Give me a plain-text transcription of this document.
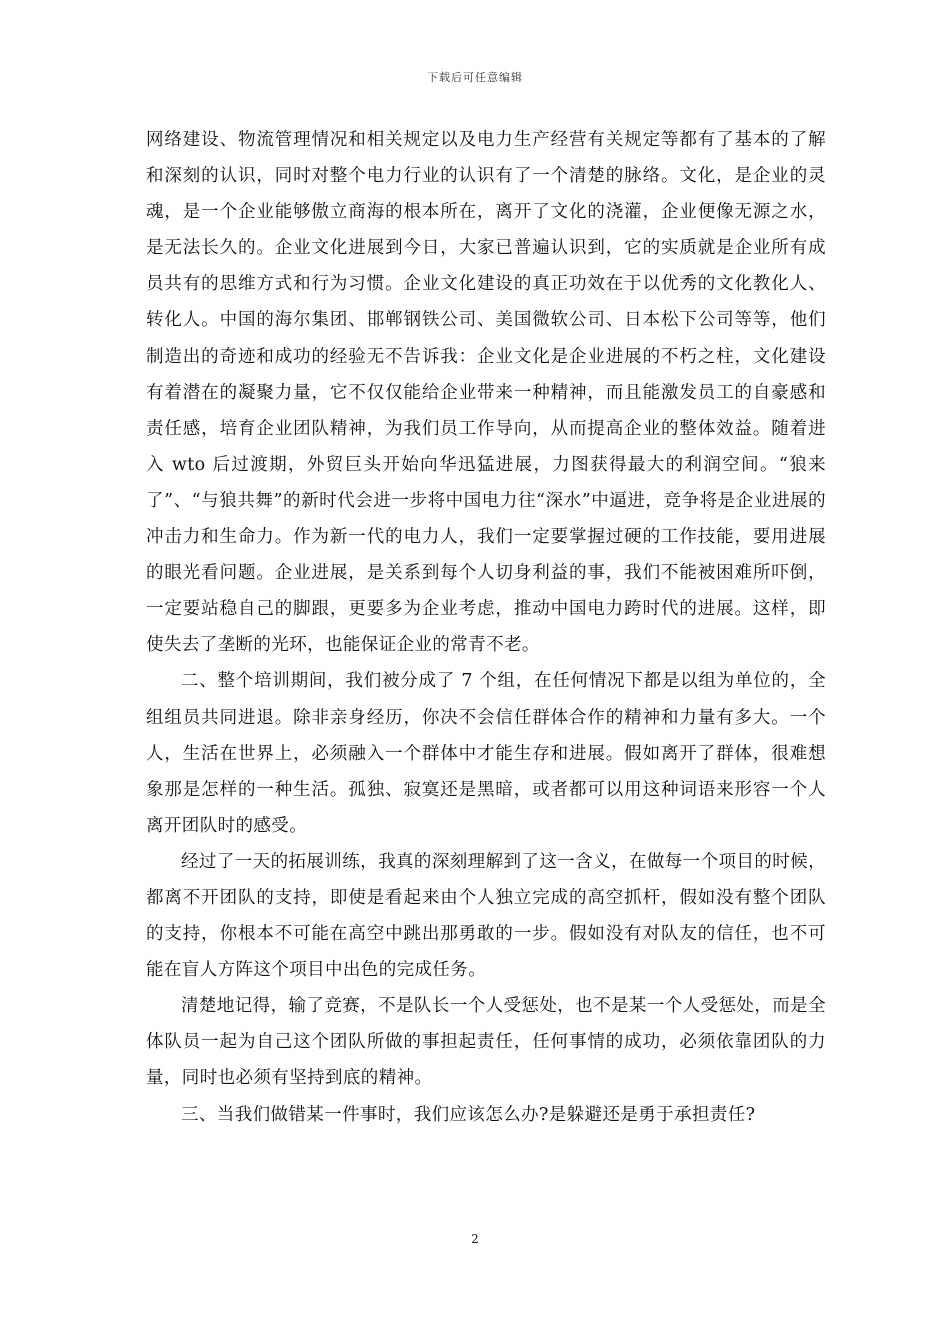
下载后可任意编辑

网络建设、物流管理情况和相关规定以及电力生产经营有关规定等都有了基本的了解和深刻的认识，同时对整个电力行业的认识有了一个清楚的脉络。文化，是企业的灵魂，是一个企业能够傲立商海的根本所在，离开了文化的浇灌，企业便像无源之水，是无法长久的。企业文化进展到今日，大家已普遍认识到，它的实质就是企业所有成员共有的思维方式和行为习惯。企业文化建设的真正功效在于以优秀的文化教化人、转化人。中国的海尔集团、邯郸钢铁公司、美国微软公司、日本松下公司等等，他们制造出的奇迹和成功的经验无不告诉我：企业文化是企业进展的不朽之柱，文化建设有着潜在的凝聚力量，它不仅仅能给企业带来一种精神，而且能激发员工的自豪感和责任感，培育企业团队精神，为我们员工作导向，从而提高企业的整体效益。随着进入 wto 后过渡期，外贸巨头开始向华迅猛进展，力图获得最大的利润空间。“狼来了”、“与狼共舞”的新时代会进一步将中国电力往“深水”中逼进，竞争将是企业进展的冲击力和生命力。作为新一代的电力人，我们一定要掌握过硬的工作技能，要用进展的眼光看问题。企业进展，是关系到每个人切身利益的事，我们不能被困难所吓倒，一定要站稳自己的脚跟，更要多为企业考虑，推动中国电力跨时代的进展。这样，即使失去了垄断的光环，也能保证企业的常青不老。

二、整个培训期间，我们被分成了 7 个组，在任何情况下都是以组为单位的，全组组员共同进退。除非亲身经历，你决不会信任群体合作的精神和力量有多大。一个人，生活在世界上，必须融入一个群体中才能生存和进展。假如离开了群体，很难想象那是怎样的一种生活。孤独、寂寞还是黑暗，或者都可以用这种词语来形容一个人离开团队时的感受。

经过了一天的拓展训练，我真的深刻理解到了这一含义，在做每一个项目的时候，都离不开团队的支持，即使是看起来由个人独立完成的高空抓杆，假如没有整个团队的支持，你根本不可能在高空中跳出那勇敢的一步。假如没有对队友的信任，也不可能在盲人方阵这个项目中出色的完成任务。

清楚地记得，输了竞赛，不是队长一个人受惩处，也不是某一个人受惩处，而是全体队员一起为自己这个团队所做的事担起责任，任何事情的成功，必须依靠团队的力量，同时也必须有坚持到底的精神。

三、当我们做错某一件事时，我们应该怎么办?是躲避还是勇于承担责任?

2
